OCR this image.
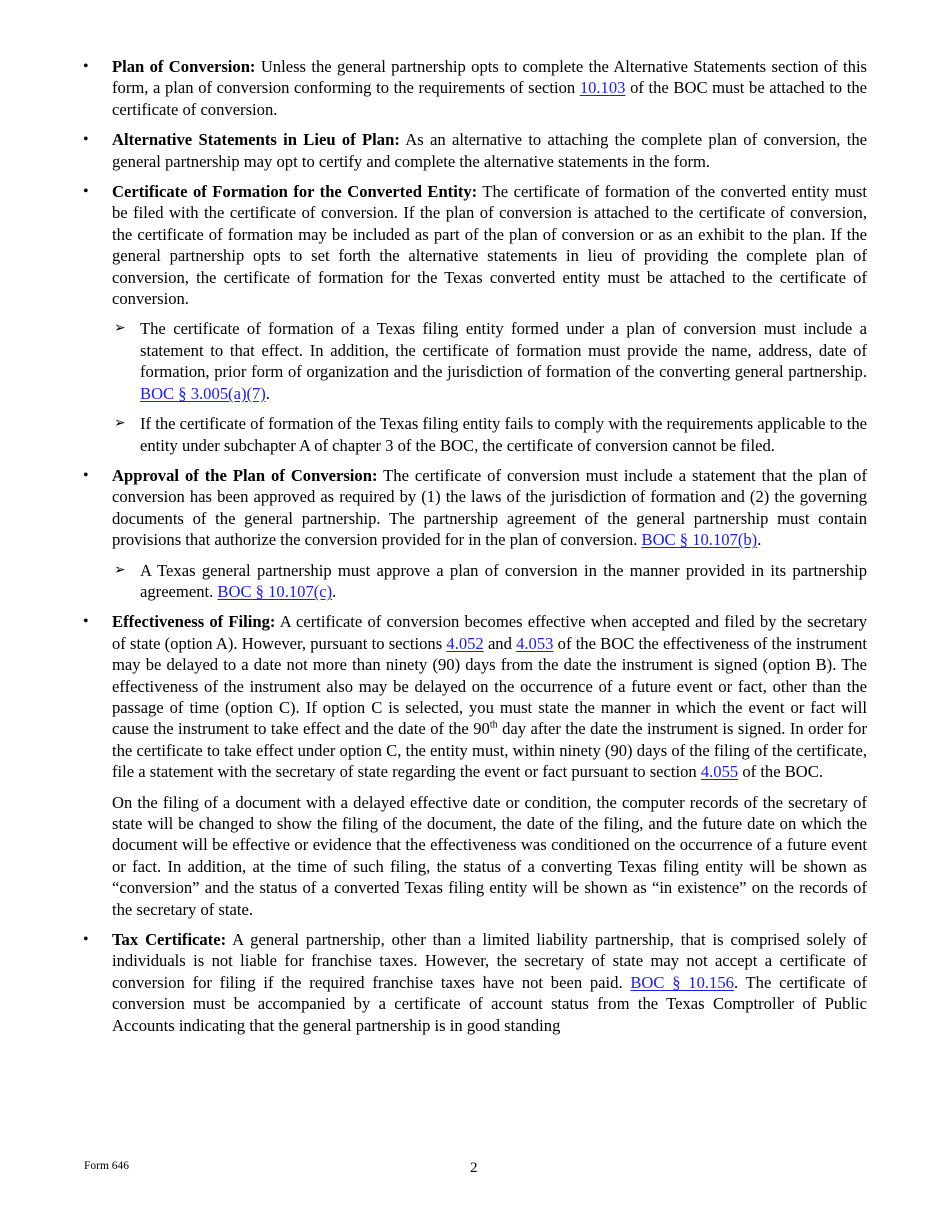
• Plan of Conversion: Unless the general partnership opts to complete the Alternative Statements section of this form, a plan of conversion conforming to the requirements of section 10.103 of the BOC must be attached to the certificate of conversion.
• Alternative Statements in Lieu of Plan: As an alternative to attaching the complete plan of conversion, the general partnership may opt to certify and complete the alternative statements in the form.
• Certificate of Formation for the Converted Entity: The certificate of formation of the converted entity must be filed with the certificate of conversion. If the plan of conversion is attached to the certificate of conversion, the certificate of formation may be included as part of the plan of conversion or as an exhibit to the plan. If the general partnership opts to set forth the alternative statements in lieu of providing the complete plan of conversion, the certificate of formation for the Texas converted entity must be attached to the certificate of conversion.
➢ The certificate of formation of a Texas filing entity formed under a plan of conversion must include a statement to that effect. In addition, the certificate of formation must provide the name, address, date of formation, prior form of organization and the jurisdiction of formation of the converting general partnership. BOC § 3.005(a)(7).
➢ If the certificate of formation of the Texas filing entity fails to comply with the requirements applicable to the entity under subchapter A of chapter 3 of the BOC, the certificate of conversion cannot be filed.
• Approval of the Plan of Conversion: The certificate of conversion must include a statement that the plan of conversion has been approved as required by (1) the laws of the jurisdiction of formation and (2) the governing documents of the general partnership. The partnership agreement of the general partnership must contain provisions that authorize the conversion provided for in the plan of conversion. BOC § 10.107(b).
➢ A Texas general partnership must approve a plan of conversion in the manner provided in its partnership agreement. BOC § 10.107(c).
• Effectiveness of Filing: A certificate of conversion becomes effective when accepted and filed by the secretary of state (option A). However, pursuant to sections 4.052 and 4.053 of the BOC the effectiveness of the instrument may be delayed to a date not more than ninety (90) days from the date the instrument is signed (option B). The effectiveness of the instrument also may be delayed on the occurrence of a future event or fact, other than the passage of time (option C). If option C is selected, you must state the manner in which the event or fact will cause the instrument to take effect and the date of the 90th day after the date the instrument is signed. In order for the certificate to take effect under option C, the entity must, within ninety (90) days of the filing of the certificate, file a statement with the secretary of state regarding the event or fact pursuant to section 4.055 of the BOC.

On the filing of a document with a delayed effective date or condition, the computer records of the secretary of state will be changed to show the filing of the document, the date of the filing, and the future date on which the document will be effective or evidence that the effectiveness was conditioned on the occurrence of a future event or fact. In addition, at the time of such filing, the status of a converting Texas filing entity will be shown as “conversion” and the status of a converted Texas filing entity will be shown as “in existence” on the records of the secretary of state.

• Tax Certificate: A general partnership, other than a limited liability partnership, that is comprised solely of individuals is not liable for franchise taxes. However, the secretary of state may not accept a certificate of conversion for filing if the required franchise taxes have not been paid. BOC § 10.156. The certificate of conversion must be accompanied by a certificate of account status from the Texas Comptroller of Public Accounts indicating that the general partnership is in good standing
Form 646	2
